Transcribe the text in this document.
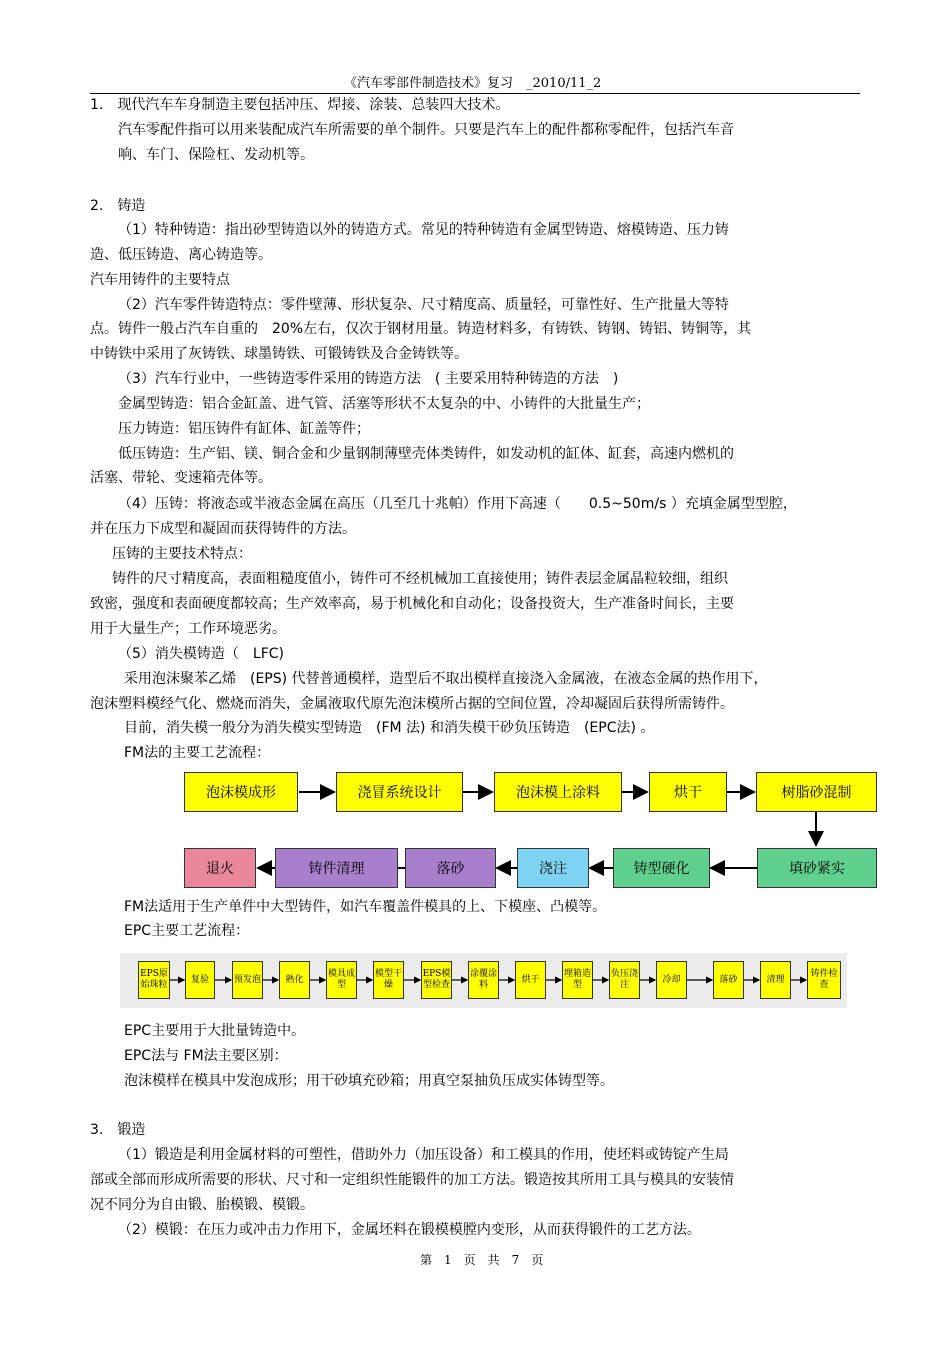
《汽车零部件制造技术》复习　_2010/11_2
1.　现代汽车车身制造主要包括冲压、焊接、涂装、总装四大技术。
汽车零配件指可以用来装配成汽车所需要的单个制件。只要是汽车上的配件都称零配件，包括汽车音
响、车门、保险杠、发动机等。
2.　铸造
（1）特种铸造：指出砂型铸造以外的铸造方式。常见的特种铸造有金属型铸造、熔模铸造、压力铸
造、低压铸造、离心铸造等。
汽车用铸件的主要特点
（2）汽车零件铸造特点：零件壁薄、形状复杂、尺寸精度高、质量轻，可靠性好、生产批量大等特
点。铸件一般占汽车自重的　20%左右，仅次于钢材用量。铸造材料多，有铸铁、铸钢、铸铝、铸铜等，其
中铸铁中采用了灰铸铁、球墨铸铁、可锻铸铁及合金铸铁等。
（3）汽车行业中，一些铸造零件采用的铸造方法　( 主要采用特种铸造的方法　)
金属型铸造：铝合金缸盖、进气管、活塞等形状不太复杂的中、小铸件的大批量生产；
压力铸造：铝压铸件有缸体、缸盖等件；
低压铸造：生产铝、镁、铜合金和少量钢制薄壁壳体类铸件，如发动机的缸体、缸套，高速内燃机的
活塞、带轮、变速箱壳体等。
（4）压铸：将液态或半液态金属在高压（几至几十兆帕）作用下高速（　　0.5~50m/s ）充填金属型型腔，
并在压力下成型和凝固而获得铸件的方法。
压铸的主要技术特点：
铸件的尺寸精度高，表面粗糙度值小，铸件可不经机械加工直接使用；铸件表层金属晶粒较细，组织
致密，强度和表面硬度都较高；生产效率高，易于机械化和自动化；设备投资大，生产准备时间长，主要
用于大量生产；工作环境恶劣。
（5）消失模铸造（　LFC)
采用泡沫聚苯乙烯　(EPS) 代替普通模样，造型后不取出模样直接浇入金属液，在液态金属的热作用下，
泡沫塑料模经气化、燃烧而消失，金属液取代原先泡沫模所占据的空间位置，冷却凝固后获得所需铸件。
目前，消失模一般分为消失模实型铸造　(FM 法) 和消失模干砂负压铸造　(EPC法) 。
FM法的主要工艺流程：
泡沫模成形	浇冒系统设计	泡沫模上涂料	烘干	树脂砂混制
退火	铸件清理	落砂	浇注	铸型硬化	填砂紧实
FM法适用于生产单件中大型铸件，如汽车覆盖件模具的上、下模座、凸模等。
EPC主要工艺流程：
EPS原始珠粒
复验	预发泡	熟化
模具成型
模型干燥
EPS模型检查
涂覆涂料
烘干
埋箱造型
负压浇注
冷却	落砂	清理
铸件检查
EPC主要用于大批量铸造中。
EPC法与 FM法主要区别：
泡沫模样在模具中发泡成形；用干砂填充砂箱；用真空泵抽负压成实体铸型等。
3.　锻造
（1）锻造是利用金属材料的可塑性，借助外力（加压设备）和工模具的作用，使坯料或铸锭产生局
部或全部而形成所需要的形状、尺寸和一定组织性能锻件的加工方法。锻造按其所用工具与模具的安装情
况不同分为自由锻、胎模锻、模锻。
（2）模锻：在压力或冲击力作用下，金属坯料在锻模模膛内变形，从而获得锻件的工艺方法。
第　1　页　共　7　页
